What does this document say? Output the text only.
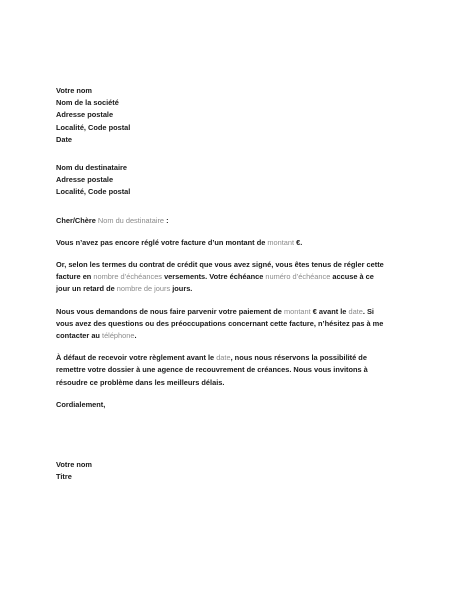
Votre nom
Nom de la société
Adresse postale
Localité, Code postal
Date
Nom du destinataire
Adresse postale
Localité, Code postal

Cher/Chère Nom du destinataire :

Vous n’avez pas encore réglé votre facture d’un montant de montant €.

Or, selon les termes du contrat de crédit que vous avez signé, vous êtes tenus de régler cette
facture en nombre d’échéances versements. Votre échéance numéro d’échéance accuse à ce
jour un retard de nombre de jours jours.

Nous vous demandons de nous faire parvenir votre paiement de montant € avant le date. Si
vous avez des questions ou des préoccupations concernant cette facture, n’hésitez pas à me
contacter au téléphone.

À défaut de recevoir votre règlement avant le date, nous nous réservons la possibilité de
remettre votre dossier à une agence de recouvrement de créances. Nous vous invitons à
résoudre ce problème dans les meilleurs délais.

Cordialement,

Votre nom
Titre
